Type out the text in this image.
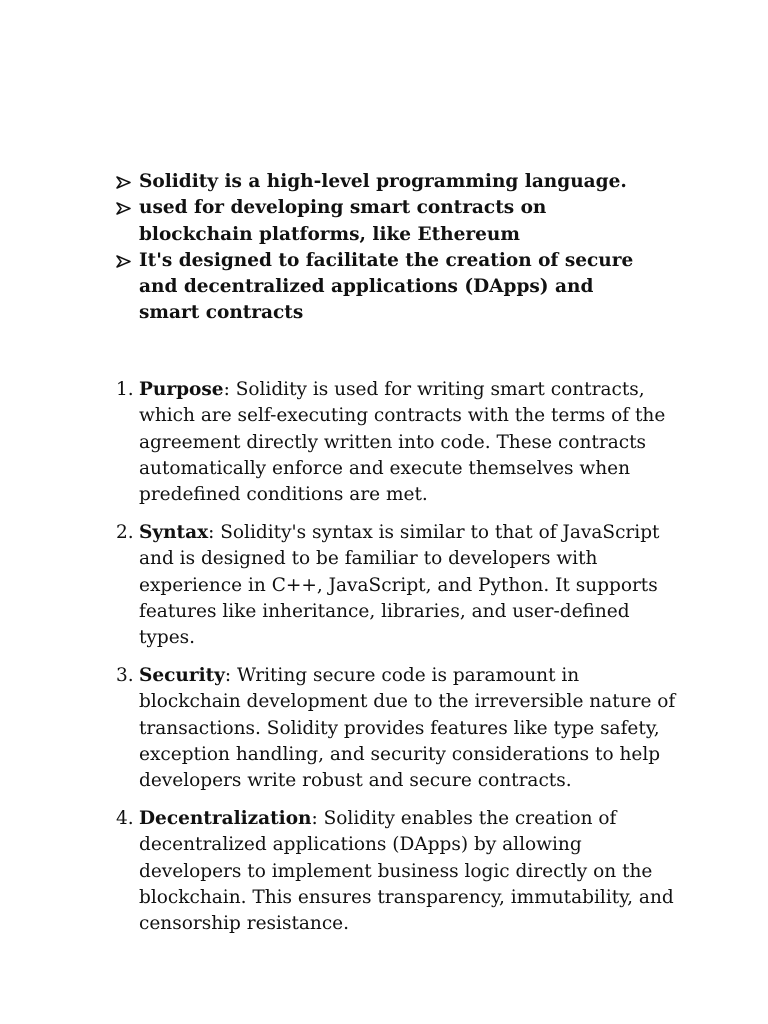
Solidity is a high-level programming language.
used for developing smart contracts on blockchain platforms, like Ethereum
It's designed to facilitate the creation of secure and decentralized applications (DApps) and smart contracts
1. Purpose: Solidity is used for writing smart contracts, which are self-executing contracts with the terms of the agreement directly written into code. These contracts automatically enforce and execute themselves when predefined conditions are met.
2. Syntax: Solidity's syntax is similar to that of JavaScript and is designed to be familiar to developers with experience in C++, JavaScript, and Python. It supports features like inheritance, libraries, and user-defined types.
3. Security: Writing secure code is paramount in blockchain development due to the irreversible nature of transactions. Solidity provides features like type safety, exception handling, and security considerations to help developers write robust and secure contracts.
4. Decentralization: Solidity enables the creation of decentralized applications (DApps) by allowing developers to implement business logic directly on the blockchain. This ensures transparency, immutability, and censorship resistance.
